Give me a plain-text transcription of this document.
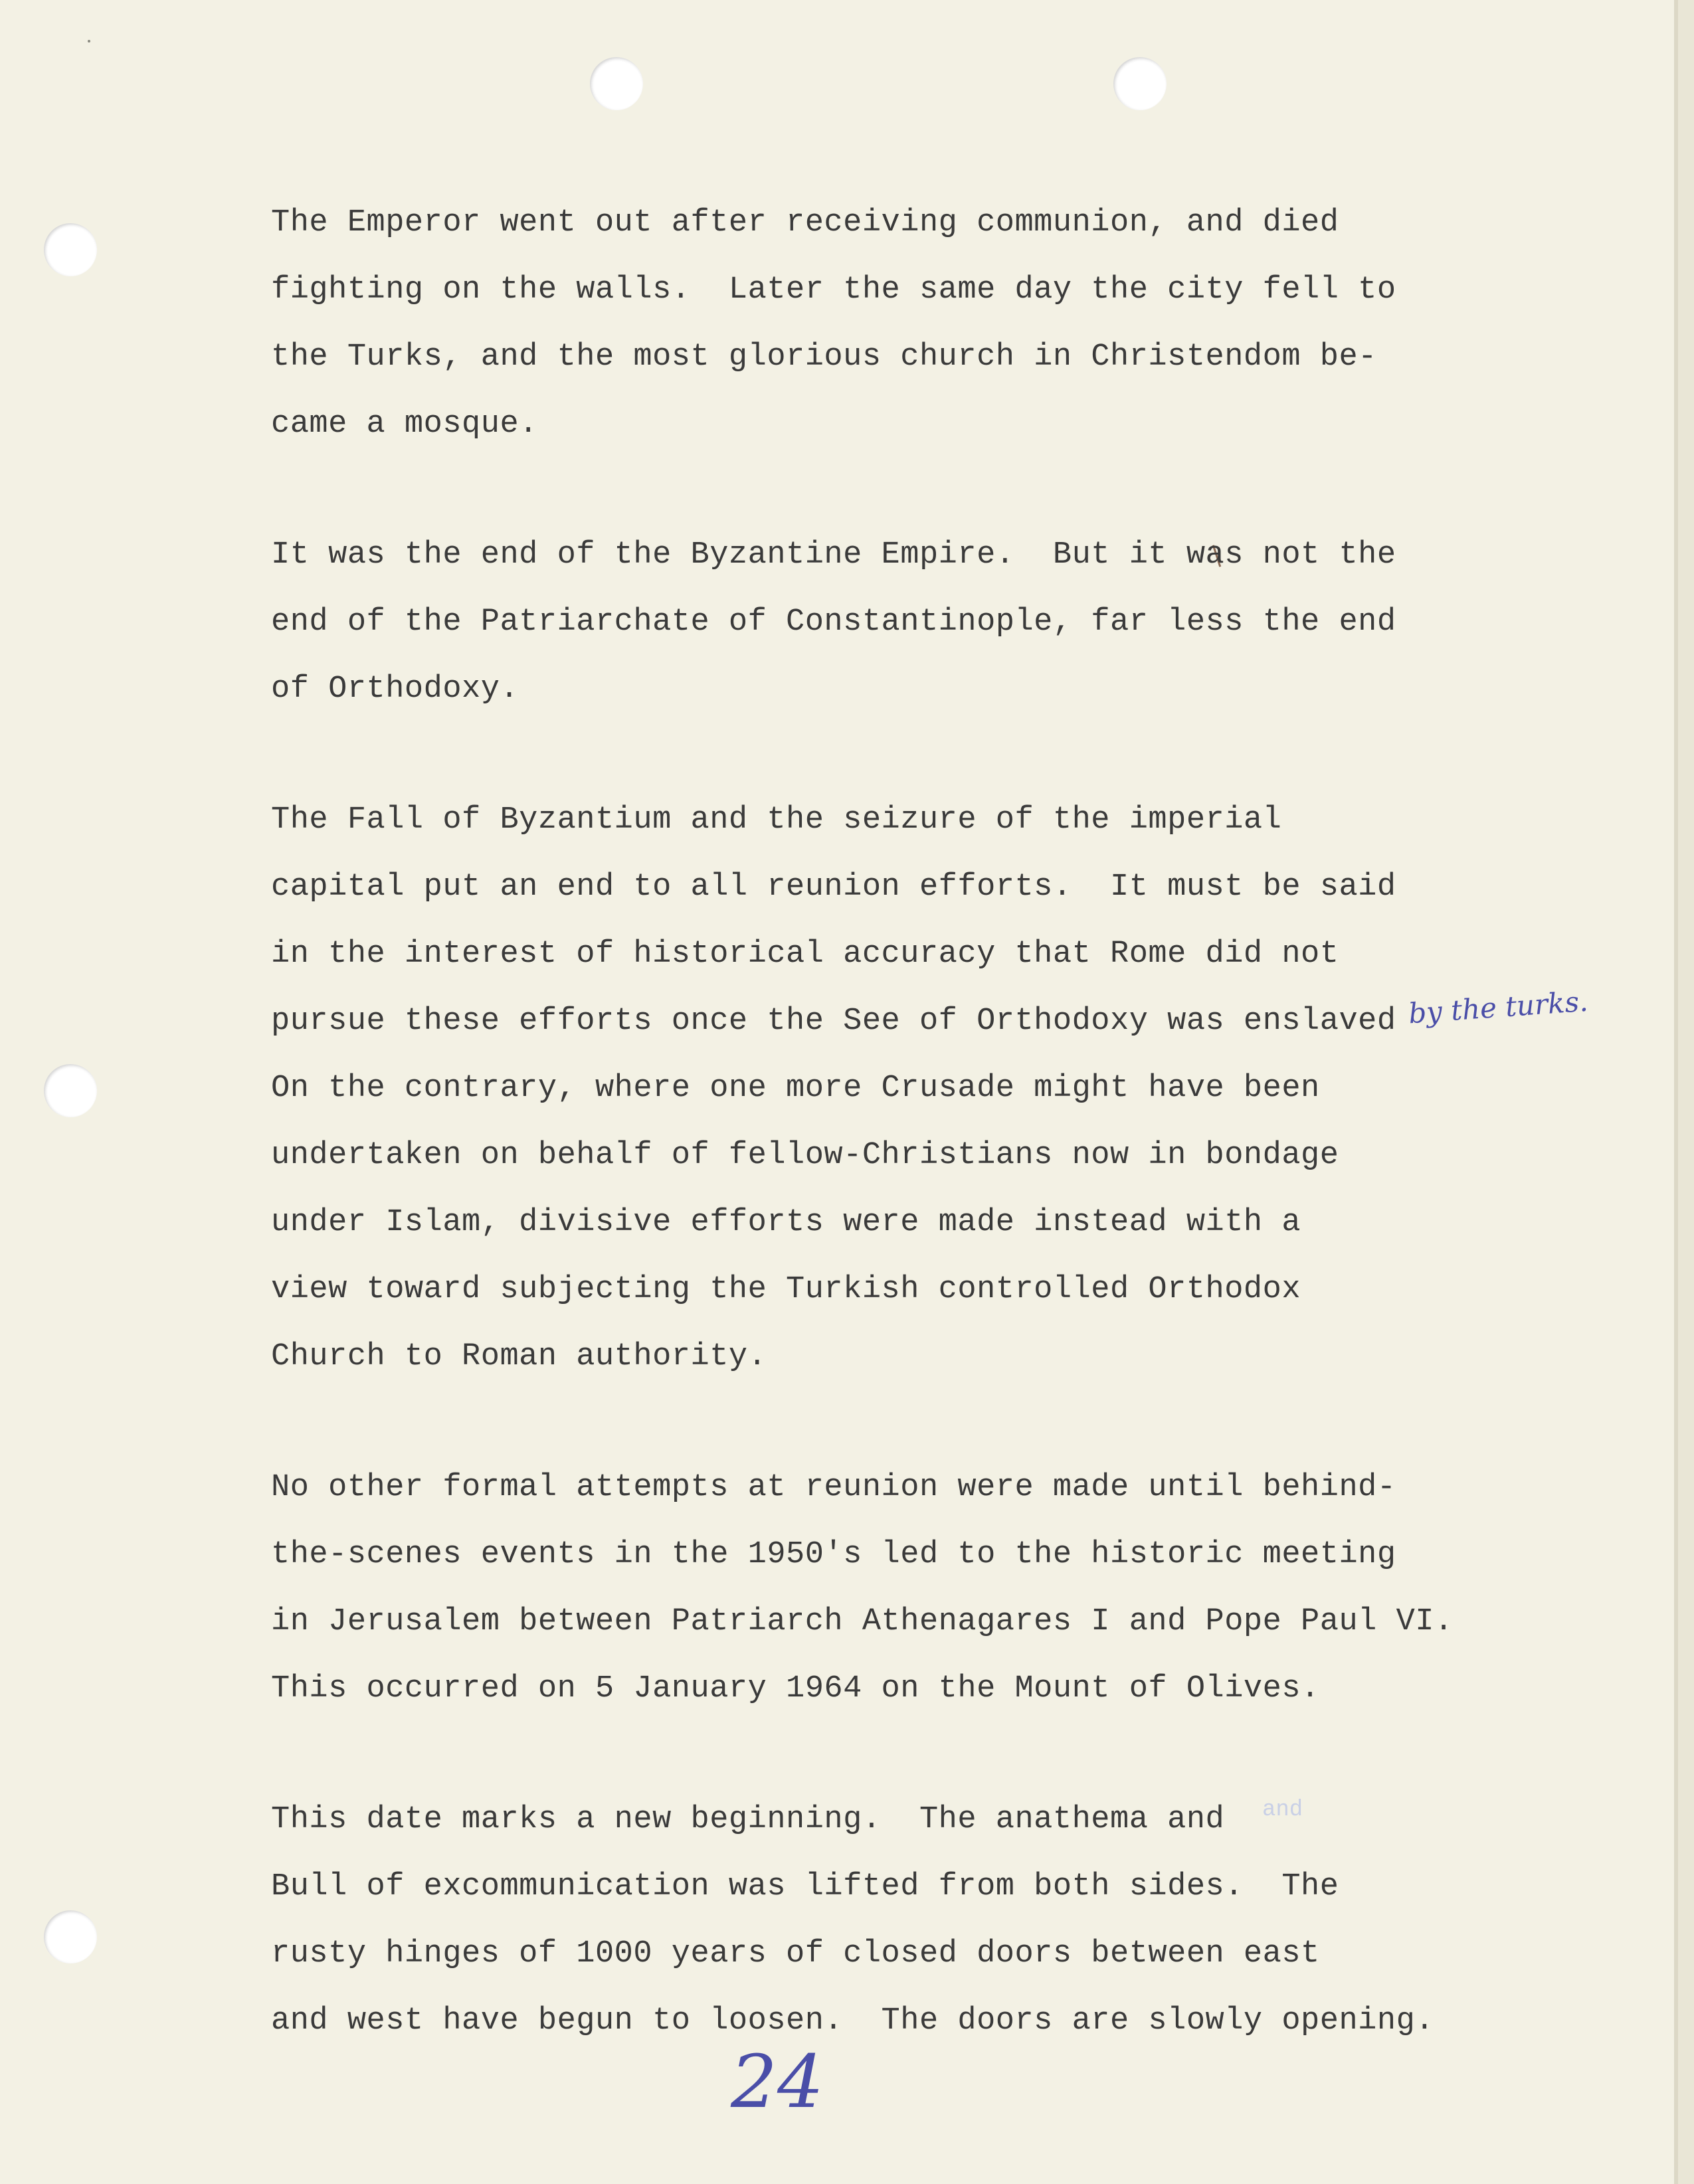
The Emperor went out after receiving communion, and died
fighting on the walls.  Later the same day the city fell to
the Turks, and the most glorious church in Christendom be-
came a mosque.
It was the end of the Byzantine Empire.  But it was not the
end of the Patriarchate of Constantinople, far less the end
of Orthodoxy.
The Fall of Byzantium and the seizure of the imperial
capital put an end to all reunion efforts.  It must be said
in the interest of historical accuracy that Rome did not
pursue these efforts once the See of Orthodoxy was enslaved
On the contrary, where one more Crusade might have been
undertaken on behalf of fellow-Christians now in bondage
under Islam, divisive efforts were made instead with a
view toward subjecting the Turkish controlled Orthodox
Church to Roman authority.
No other formal attempts at reunion were made until behind-
the-scenes events in the 1950's led to the historic meeting
in Jerusalem between Patriarch Athenagares I and Pope Paul VI.
This occurred on 5 January 1964 on the Mount of Olives.
This date marks a new beginning.  The anathema and
Bull of excommunication was lifted from both sides.  The
rusty hinges of 1000 years of closed doors between east
and west have begun to loosen.  The doors are slowly opening.
by the turks.
and
24
